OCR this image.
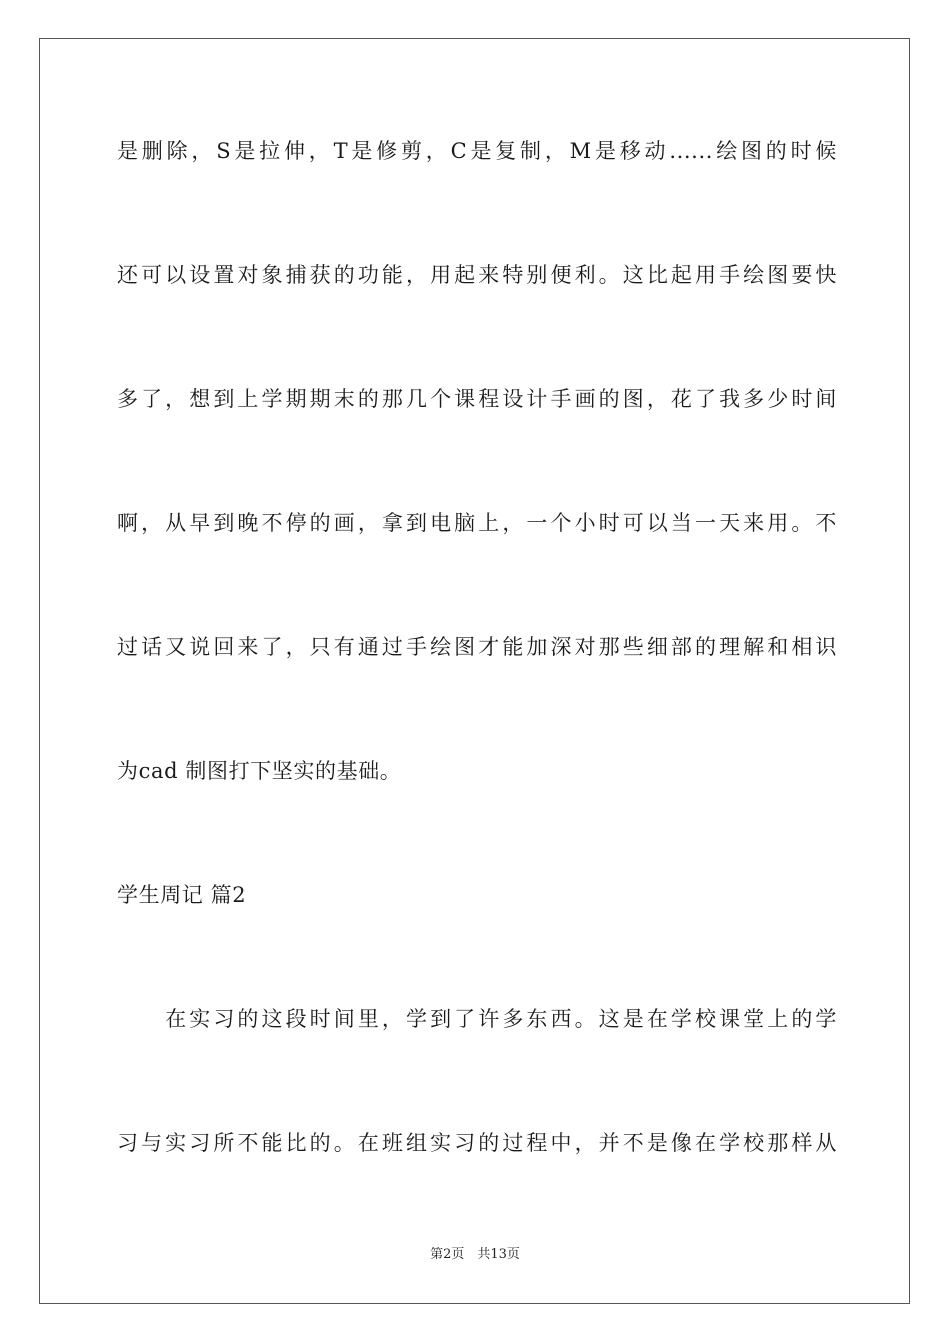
是删除，S是拉伸，T是修剪，C是复制，M是移动......绘图的时候
还可以设置对象捕获的功能，用起来特别便利。这比起用手绘图要快
多了，想到上学期期末的那几个课程设计手画的图，花了我多少时间
啊，从早到晚不停的画，拿到电脑上，一个小时可以当一天来用。不
过话又说回来了，只有通过手绘图才能加深对那些细部的理解和相识
为cad 制图打下坚实的基础。
学生周记 篇2
　　在实习的这段时间里，学到了许多东西。这是在学校课堂上的学
习与实习所不能比的。在班组实习的过程中，并不是像在学校那样从
第2页　共13页
